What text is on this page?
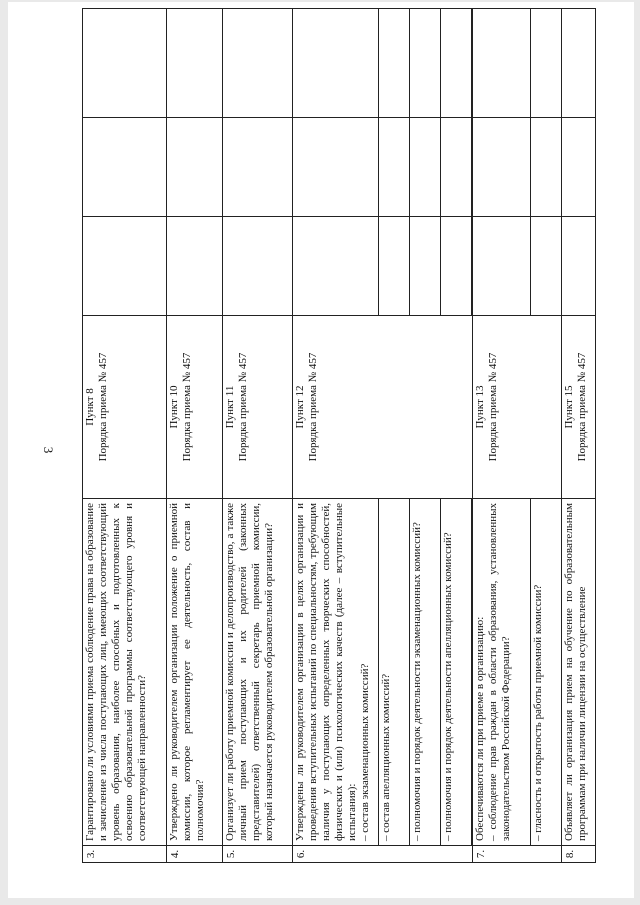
3
3.	Гарантировано ли условиями приема соблюдение права на образование и зачисление из числа поступающих лиц, имеющих соответствующий уровень образования, наиболее способных и подготовленных к освоению образовательной программы соответствующего уровня и соответствующей направленности?	Пункт 8 Порядка приема № 457			

4.	Утверждено ли руководителем организации положение о приемной комиссии, которое регламентирует ее деятельность, состав и полномочия?	Пункт 10 Порядка приема № 457			

5.	Организует ли работу приемной комиссии и делопроизводство, а также личный прием поступающих и их родителей (законных представителей) ответственный секретарь приемной комиссии, который назначается руководителем образовательной организации?	Пункт 11 Порядка приема № 457			

6.	Утверждены ли руководителем организации в целях организации и проведения вступительных испытаний по специальностям, требующим наличия у поступающих определенных творческих способностей, физических и (или) психологических качеств (далее – вступительные испытания): – состав экзаменационных комиссий?	Пункт 12 Порядка приема № 457			

	– состав апелляционных комиссий?				
	– полномочия и порядок деятельности экзаменационных комиссий?				
	– полномочия и порядок деятельности апелляционных комиссий?				

7.	Обеспечиваются ли при приеме в организацию: – соблюдение прав граждан в области образования, установленных законодательством Российской Федерации?	Пункт 13 Порядка приема № 457			

	– гласность и открытость работы приемной комиссии?				
8.	Объявляет ли организация прием на обучение по образовательным программам при наличии лицензии на осуществление	Пункт 15 Порядка приема № 457			
